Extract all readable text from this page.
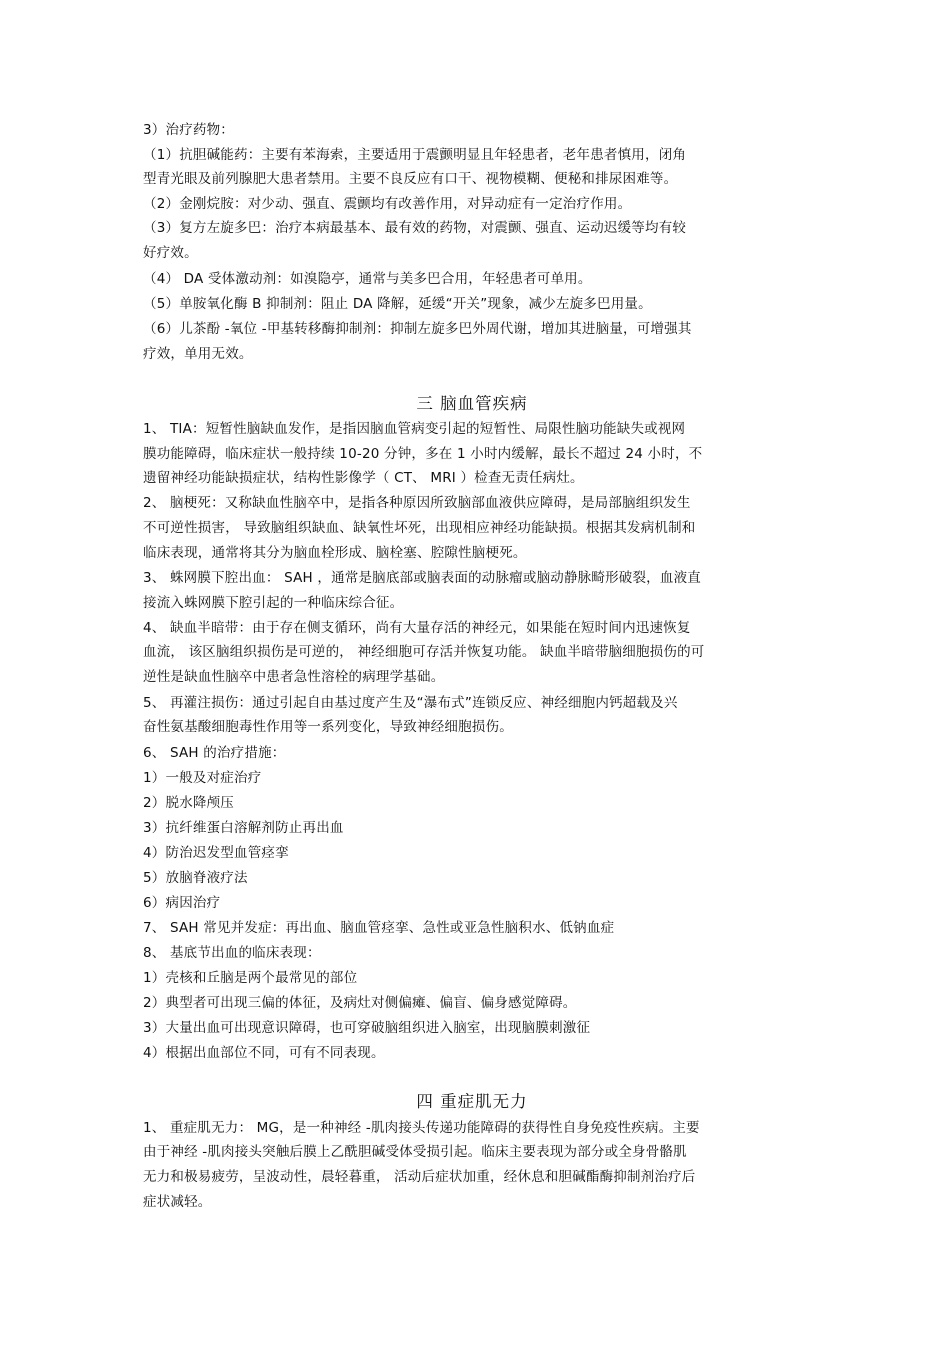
3）治疗药物：
（1）抗胆碱能药：主要有苯海索，主要适用于震颤明显且年轻患者，老年患者慎用，闭角
型青光眼及前列腺肥大患者禁用。主要不良反应有口干、视物模糊、便秘和排尿困难等。
（2）金刚烷胺：对少动、强直、震颤均有改善作用，对异动症有一定治疗作用。
（3）复方左旋多巴：治疗本病最基本、最有效的药物，对震颤、强直、运动迟缓等均有较
好疗效。
（4） DA 受体激动剂：如溴隐亭，通常与美多巴合用，年轻患者可单用。
（5）单胺氧化酶 B 抑制剂：阻止 DA 降解，延缓“开关”现象，减少左旋多巴用量。
（6）儿茶酚 -氧位 -甲基转移酶抑制剂：抑制左旋多巴外周代谢，增加其进脑量，可增强其
疗效，单用无效。
三 脑血管疾病
1、 TIA：短暂性脑缺血发作，是指因脑血管病变引起的短暂性、局限性脑功能缺失或视网
膜功能障碍，临床症状一般持续 10-20 分钟，多在 1 小时内缓解，最长不超过 24 小时，不
遗留神经功能缺损症状，结构性影像学（ CT、 MRI ）检查无责任病灶。
2、 脑梗死：又称缺血性脑卒中，是指各种原因所致脑部血液供应障碍，是局部脑组织发生
不可逆性损害， 导致脑组织缺血、缺氧性坏死，出现相应神经功能缺损。根据其发病机制和
临床表现，通常将其分为脑血栓形成、脑栓塞、腔隙性脑梗死。
3、 蛛网膜下腔出血： SAH ，通常是脑底部或脑表面的动脉瘤或脑动静脉畸形破裂，血液直
接流入蛛网膜下腔引起的一种临床综合征。
4、 缺血半暗带：由于存在侧支循环，尚有大量存活的神经元，如果能在短时间内迅速恢复
血流， 该区脑组织损伤是可逆的， 神经细胞可存活并恢复功能。 缺血半暗带脑细胞损伤的可
逆性是缺血性脑卒中患者急性溶栓的病理学基础。
5、 再灌注损伤：通过引起自由基过度产生及“瀑布式”连锁反应、神经细胞内钙超载及兴
奋性氨基酸细胞毒性作用等一系列变化，导致神经细胞损伤。
6、 SAH 的治疗措施：
1）一般及对症治疗
2）脱水降颅压
3）抗纤维蛋白溶解剂防止再出血
4）防治迟发型血管痉挛
5）放脑脊液疗法
6）病因治疗
7、 SAH 常见并发症：再出血、脑血管痉挛、急性或亚急性脑积水、低钠血症
8、 基底节出血的临床表现：
1）壳核和丘脑是两个最常见的部位
2）典型者可出现三偏的体征，及病灶对侧偏瘫、偏盲、偏身感觉障碍。
3）大量出血可出现意识障碍，也可穿破脑组织进入脑室，出现脑膜刺激征
4）根据出血部位不同，可有不同表现。
四 重症肌无力
1、 重症肌无力： MG，是一种神经 -肌肉接头传递功能障碍的获得性自身免疫性疾病。主要
由于神经 -肌肉接头突触后膜上乙酰胆碱受体受损引起。临床主要表现为部分或全身骨骼肌
无力和极易疲劳，呈波动性，晨轻暮重， 活动后症状加重，经休息和胆碱酯酶抑制剂治疗后
症状减轻。
